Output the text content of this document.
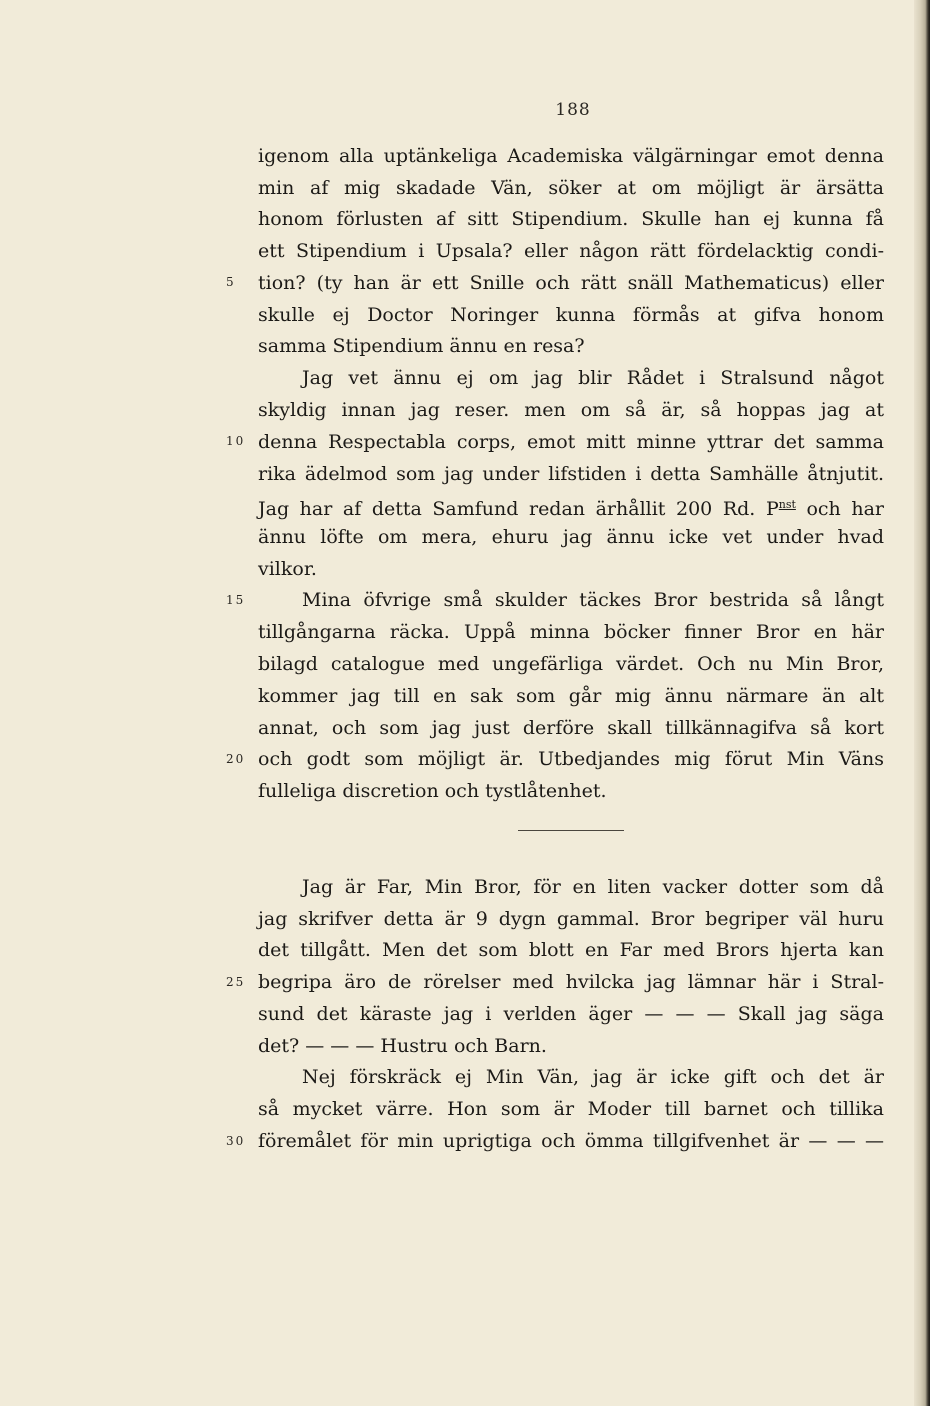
188
5
10
15
20
25
30
igenom alla uptänkeliga Academiska välgärningar emot denna
min af mig skadade Vän, söker at om möjligt är ärsätta
honom förlusten af sitt Stipendium. Skulle han ej kunna få
ett Stipendium i Upsala? eller någon rätt fördelacktig condi-
tion? (ty han är ett Snille och rätt snäll Mathematicus) eller
skulle ej Doctor Noringer kunna förmås at gifva honom
samma Stipendium ännu en resa?
Jag vet ännu ej om jag blir Rådet i Stralsund något
skyldig innan jag reser. men om så är, så hoppas jag at
denna Respectabla corps, emot mitt minne yttrar det samma
rika ädelmod som jag under lifstiden i detta Samhälle åtnjutit.
Jag har af detta Samfund redan ärhållit 200 Rd. $P^{nst}$ och har
ännu löfte om mera, ehuru jag ännu icke vet under hvad
vilkor.
Mina öfvrige små skulder täckes Bror bestrida så långt
tillgångarna räcka. Uppå minna böcker finner Bror en här
bilagd catalogue med ungefärliga värdet. Och nu Min Bror,
kommer jag till en sak som går mig ännu närmare än alt
annat, och som jag just derföre skall tillkännagifva så kort
och godt som möjligt är. Utbedjandes mig förut Min Väns
fulleliga discretion och tystlåtenhet.
Jag är Far, Min Bror, för en liten vacker dotter som då
jag skrifver detta är 9 dygn gammal. Bror begriper väl huru
det tillgått. Men det som blott en Far med Brors hjerta kan
begripa äro de rörelser med hvilcka jag lämnar här i Stral-
sund det käraste jag i verlden äger — — — Skall jag säga
det? — — — Hustru och Barn.
Nej förskräck ej Min Vän, jag är icke gift och det är
så mycket värre. Hon som är Moder till barnet och tillika
föremålet för min uprigtiga och ömma tillgifvenhet är — — —
